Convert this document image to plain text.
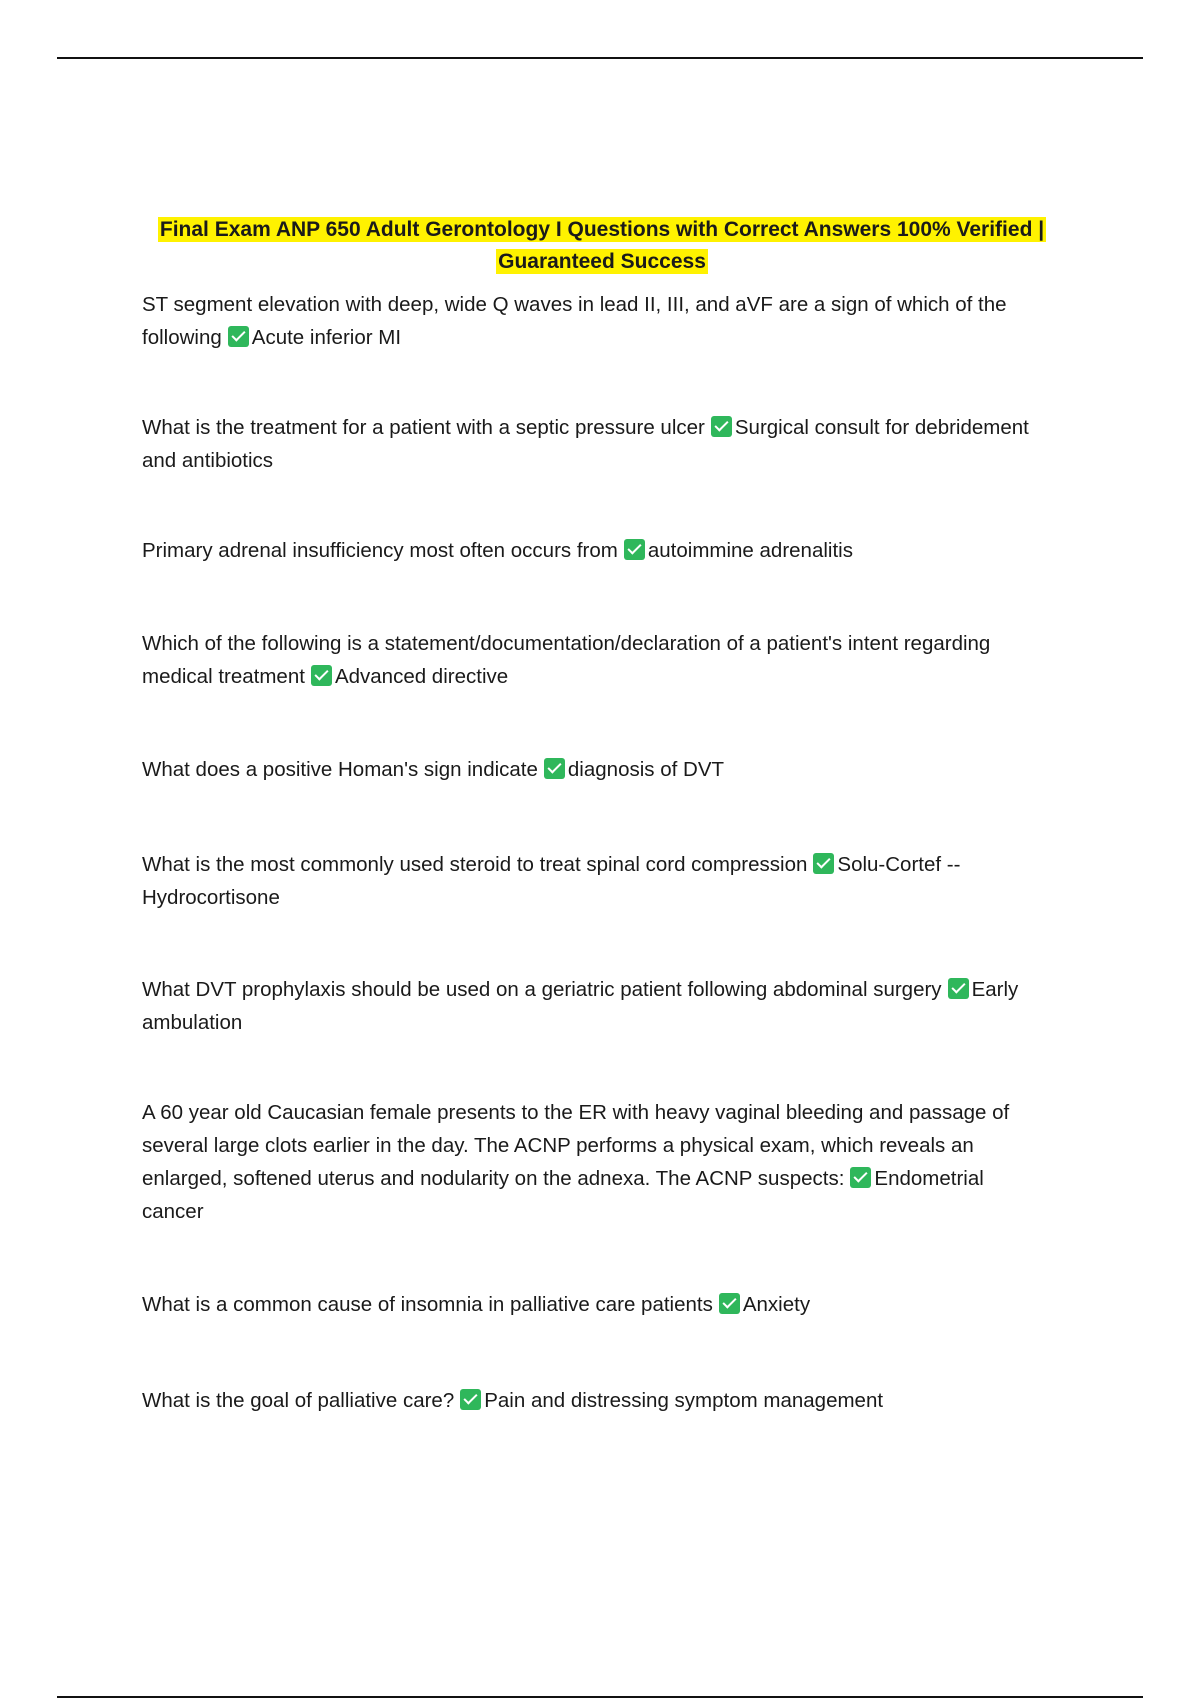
Final Exam ANP 650 Adult Gerontology I Questions with Correct Answers 100% Verified |
Guaranteed Success

ST segment elevation with deep, wide Q waves in lead II, III, and aVF are a sign of which of the following Acute inferior MI

What is the treatment for a patient with a septic pressure ulcer Surgical consult for debridement and antibiotics

Primary adrenal insufficiency most often occurs from autoimmine adrenalitis

Which of the following is a statement/documentation/declaration of a patient's intent regarding medical treatment Advanced directive

What does a positive Homan's sign indicate diagnosis of DVT

What is the most commonly used steroid to treat spinal cord compression Solu-Cortef -- Hydrocortisone

What DVT prophylaxis should be used on a geriatric patient following abdominal surgery Early ambulation

A 60 year old Caucasian female presents to the ER with heavy vaginal bleeding and passage of several large clots earlier in the day. The ACNP performs a physical exam, which reveals an enlarged, softened uterus and nodularity on the adnexa. The ACNP suspects: Endometrial cancer

What is a common cause of insomnia in palliative care patients Anxiety

What is the goal of palliative care? Pain and distressing symptom management
